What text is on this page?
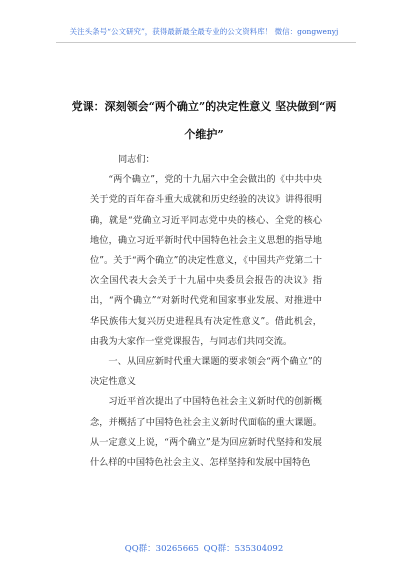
关注头条号“公文研究”，获得最新最全最专业的公文资料库！ 微信：gongwenyj
党课：深刻领会“两个确立”的决定性意义 坚决做到“两
个维护”

同志们：

“两个确立”，党的十九届六中全会做出的《中共中央关于党的百年奋斗重大成就和历史经验的决议》讲得很明确，就是“党确立习近平同志党中央的核心、全党的核心地位，确立习近平新时代中国特色社会主义思想的指导地位”。关于“两个确立”的决定性意义，《中国共产党第二十次全国代表大会关于十九届中央委员会报告的决议》指出，“两个确立”“对新时代党和国家事业发展、对推进中华民族伟大复兴历史进程具有决定性意义”。借此机会，由我为大家作一堂党课报告，与同志们共同交流。

一、从回应新时代重大课题的要求领会“两个确立”的决定性意义

习近平首次提出了中国特色社会主义新时代的创新概念，并概括了中国特色社会主义新时代面临的重大课题。从一定意义上说，“两个确立”是为回应新时代坚持和发展什么样的中国特色社会主义、怎样坚持和发展中国特色

QQ群：30265665 QQ群：535304092
